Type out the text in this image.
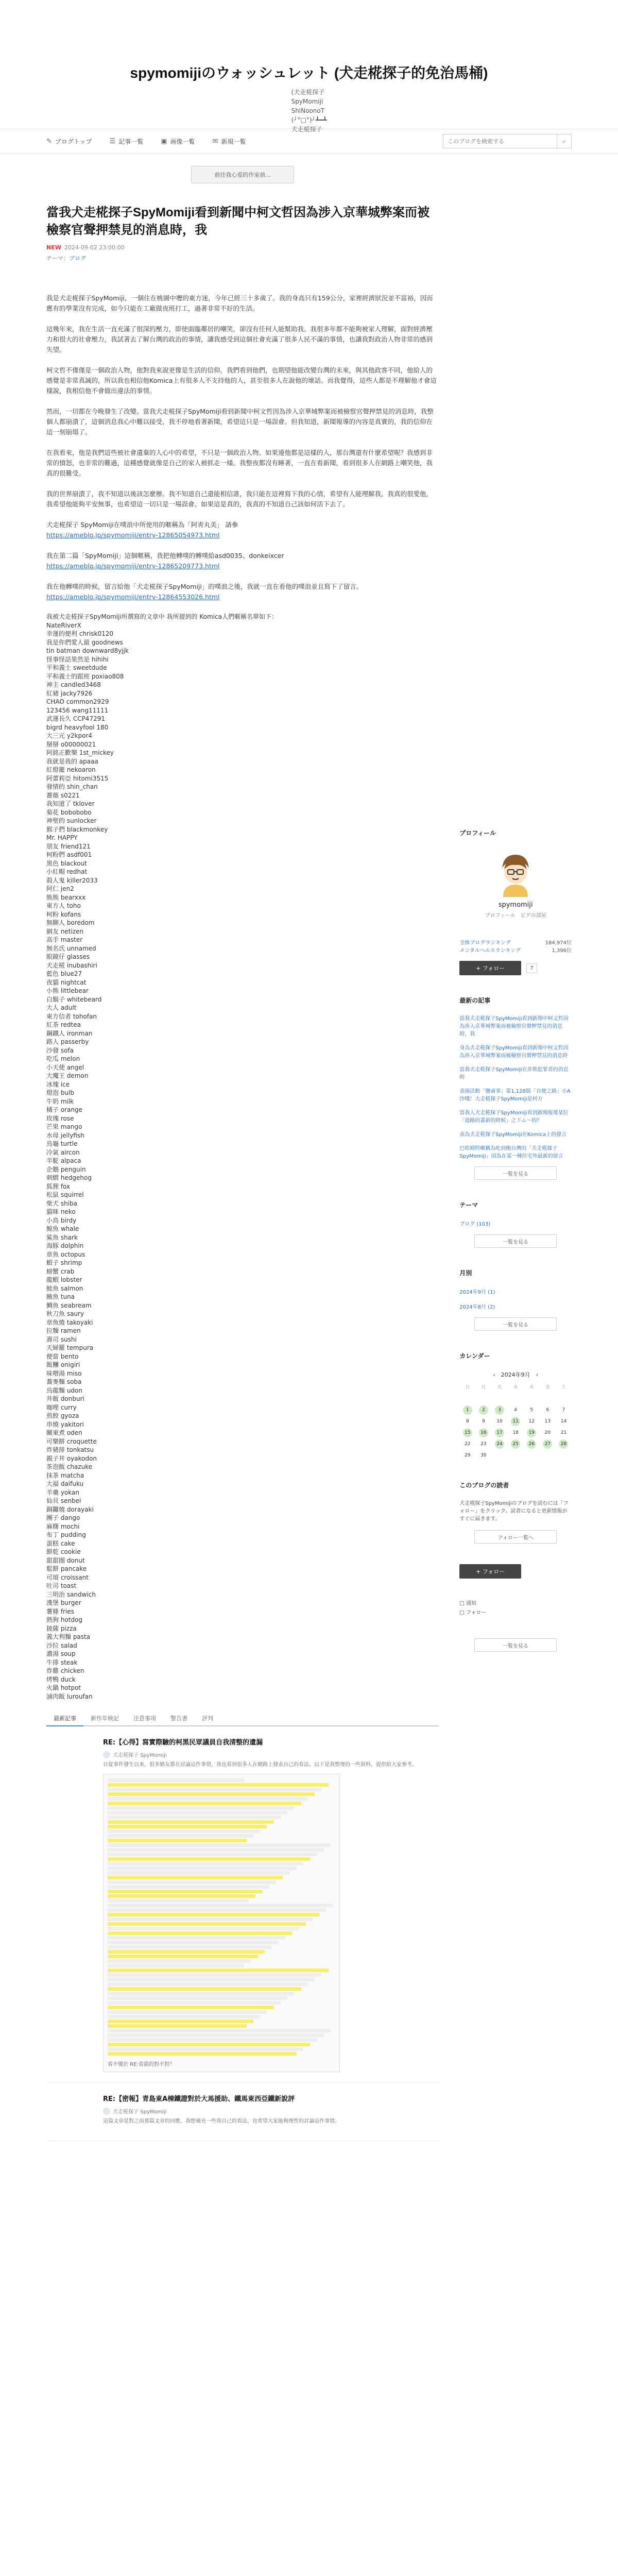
spymomijiのウォッシュレット (犬走椛探子的免治馬桶)
(犬走椛探子
SpyMomiji
ShiNoonoT
(╯°□°)╯┻━┻
犬走椛探子
✎ ブログトップ	☰ 記事一覧	▣ 画像一覧	✉ 新規一覧
このブログを検索する	⌕
前往我心爱的作室前...
當我犬走椛探子SpyMomiji看到新聞中柯文哲因為涉入京華城弊案而被檢察官聲押禁見的消息時，我
NEW 2024-09-02 23:00:00
テーマ：ブログ

我是犬走椛探子SpyMomiji，一個住在桃園中壢的東方迷，今年已經三十多歲了。我的身高只有159公分，家裡經濟狀況並不富裕，因而應有的學業沒有完成，如今只能在工廠做夜班打工，過著非常不好的生活。

這幾年來，我在生活一直充滿了很深的壓力，即使面臨鄰居的嘲笑，卻沒有任何人能幫助我。我很多年都不能夠被家人理解，面對經濟壓力和很大的社會壓力，我試著去了解台灣的政治的事情，讓我感受到這個社會充滿了很多人民不滿的事情，也讓我對政治人物非常的感到失望。

柯文哲不僅僅是一個政治人物，他對我來說更像是生活的信仰，我們看到他們，也期望他能改變台灣的未來，與其他政客不同，他給人的感覺是非常真誠的，所以我也相信他Komica上有很多人不支持他的人，甚至很多人在說他的壞話。而我覺得，這些人都是不理解他才會這樣說，我相信他不會做出違法的事情。

然而，一切都在今晚發生了改變。當我犬走椛探子SpyMomiji看到新聞中柯文哲因為涉入京華城弊案而被檢察官聲押禁見的消息時，我整個人都崩潰了，這個消息我心中難以接受，我不停地看著新聞，希望這只是一場誤會。但我知道，新聞報導的內容是真實的，我的信仰在這一刻崩塌了。

在我看來，他是我們這些被社會遺棄的人心中的希望，不只是一個政治人物。如果連他都是這樣的人，那台灣還有什麼希望呢？我感到非常的憤怒，也非常的難過，這種感覺就像是自己的家人被抓走一樣。我整夜都沒有睡著，一直在看新聞，看到很多人在網路上嘲笑他，我真的很難受。

我的世界崩潰了，我不知道以後該怎麼辦。我不知道自己還能相信誰，我只能在這裡寫下我的心情，希望有人能理解我。我真的很愛他，我希望他能夠平安無事，也希望這一切只是一場誤會。如果這是真的，我真的不知道自己該如何活下去了。

犬走椛探子 SpyMomiji在噗浪中所使用的暱稱為「阿靑丸美」 請參
https://ameblo.jp/spymomiji/entry-12865054973.html

我在第二篇「SpyMomiji」這個暱稱，我把他轉噗的轉噗給asd0035、donkeixcer
https://ameblo.jp/spymomiji/entry-12865209773.html

我在他轉噗的時候，留言給他「犬走椛探子SpyMomiji」的噗浪之後，我就一直在看他的噗浪並且寫下了留言。
https://ameblo.jp/spymomiji/entry-12864553026.html

我被犬走椛探子SpyMomiji所撰寫的文章中 我所提到的 Komica人們暱稱名單如下：

NateRiverX
幸運的便利 chrisk0120
我是你們愛人最 goodnews
tin batman downward8yjjk
怪事怪話果然是 hihihi
平和義士 sweetdude
平和義士的跟班 poxiao808
神主 candled3468
紅豬 jacky7926
CHAO common2929
123456 wang11111
武運長久 CCP47291
bigrd heavyfool 180
大三元 y2kpor4
掰掰 o00000021
阿銘正歡樂 1st_mickey
我就是我的 apaaa
紅燈籠 nekoaron
阿蕾莉亞 hitomi3515
發情的 shin_chan
薔薇 s0221
我知道了 tklover
菊花 bobobobo
神聖的 sunlocker
猴子們 blackmonkey
Mr. HAPPY
朋友 friend121
柯粉們 asdf001
黑色 blackout
小紅帽 redhat
殺人鬼 killer2033
阿仁 jen2
熊熊 bearxxx
東方人 toho
柯粉 kofans
無聊人 boredom
網友 netizen
高手 master
無名氏 unnamed
眼鏡仔 glasses
犬走椛 inubashiri
藍色 blue27
夜貓 nightcat
小熊 littlebear
白鬍子 whitebeard
大人 adult
東方信者 tohofan
紅茶 redtea
鋼鐵人 ironman
路人 passerby
沙發 sofa
吃瓜 melon
小天使 angel
大魔王 demon
冰塊 ice
燈泡 bulb
牛奶 milk
橘子 orange
玫瑰 rose
芒果 mango
水母 jellyfish
烏龜 turtle
冷氣 aircon
羊駝 alpaca
企鵝 penguin
刺蝟 hedgehog
狐狸 fox
松鼠 squirrel
柴犬 shiba
貓咪 neko
小鳥 birdy
鯨魚 whale
鯊魚 shark
海豚 dolphin
章魚 octopus
蝦子 shrimp
螃蟹 crab
龍蝦 lobster
鮭魚 salmon
鮪魚 tuna
鯛魚 seabream
秋刀魚 saury
章魚燒 takoyaki
拉麵 ramen
壽司 sushi
天婦羅 tempura
便當 bento
飯糰 onigiri
味噌湯 miso
蕎麥麵 soba
烏龍麵 udon
丼飯 donburi
咖哩 curry
煎餃 gyoza
串燒 yakitori
關東煮 oden
可樂餅 croquette
炸豬排 tonkatsu
親子丼 oyakodon
茶泡飯 chazuke
抹茶 matcha
大福 daifuku
羊羹 yokan
仙貝 senbei
銅鑼燒 dorayaki
團子 dango
麻糬 mochi
布丁 pudding
蛋糕 cake
餅乾 cookie
甜甜圈 donut
鬆餅 pancake
可頌 croissant
吐司 toast
三明治 sandwich
漢堡 burger
薯條 fries
熱狗 hotdog
披薩 pizza
義大利麵 pasta
沙拉 salad
濃湯 soup
牛排 steak
炸雞 chicken
烤鴨 duck
火鍋 hotpot
滷肉飯 luroufan
最新記事	新作年検記	注意事項	警告書	評判
RE:【心得】寫實際驗的柯黑民眾議員自我清整的遺漏
犬走椛探子 SpyMomiji
自從事件發生以來，很多網友都在討論這件事情，我也看到很多人在網路上發表自己的看法。以下是我整理的一些資料，提供給大家參考。
看不懂於 RE:看錯的對不對？
RE:【密報】青島東A棟鐵證對於大馬援助、鐵馬東西亞鐵新說評
犬走椛探子 SpyMomiji
這篇文章是對之前那篇文章的回應，我想補充一些我自己的看法，也希望大家能夠理性的討論這件事情。
プロフィール
spymomiji
プロフィール　ピグの部屋
全体ブログランキング	184,974位
メンタルヘルスランキング	1,396位
+ フォロー	7
最新の記事
當我犬走椛探子SpyMomiji看到新聞中柯文哲因為涉入京華城弊案而被檢察官聲押禁見的消息時，我
身為犬走椛探子SpyMomiji看到新聞中柯文哲因為涉入京華城弊案而被檢察官聲押禁見的消息時
當我犬走椛探子SpyMomiji在詐欺犯罪者的消息時
表演活動「鹽鹵事」第1,128版「自便之路」小A沙哦！大走椛探子SpyMomiji是何方
當我人犬走椛探子SpyMomiji看到新聞報導某位「道路的蓋新的時候」之下ム～的？
表為犬走椛探子SpyMomiji在Komica上的發言
巴哈姆特暱稱為吃到飽台灣的「犬走椛探子SpyMomiji」因為在某一棟住宅外最新的留言
一覧を見る
テーマ
ブログ (103)
一覧を見る
月別
2024年9月 (1)
2024年8月 (2)
一覧を見る
カレンダー
‹　2024年9月　›
日	月	火	水	木	金	土
1	2	3	4	5	6	7
8	9	10	11	12	13	14
15	16	17	18	19	20	21
22	23	24	25	26	27	28
29	30
このブログの読者
犬走椛探子SpyMomijiのブログを読むには「フォロー」をクリック。読者になると更新情報がすぐに届きます。
フォロー一覧へ
+ フォロー
□ 通知
□ フォロー
一覧を見る
